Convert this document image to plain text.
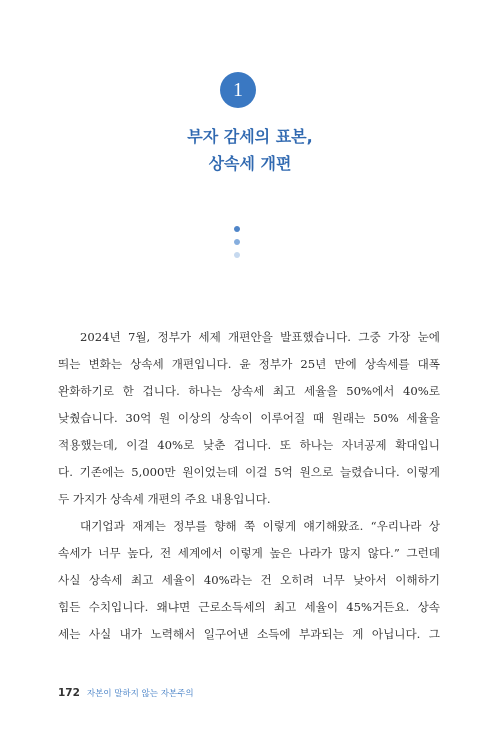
1
부자 감세의 표본,
상속세 개편
2024년 7월, 정부가 세제 개편안을 발표했습니다. 그중 가장 눈에
띄는 변화는 상속세 개편입니다. 윤 정부가 25년 만에 상속세를 대폭
완화하기로 한 겁니다. 하나는 상속세 최고 세율을 50%에서 40%로
낮췄습니다. 30억 원 이상의 상속이 이루어질 때 원래는 50% 세율을
적용했는데, 이걸 40%로 낮춘 겁니다. 또 하나는 자녀공제 확대입니
다. 기존에는 5,000만 원이었는데 이걸 5억 원으로 늘렸습니다. 이렇게
두 가지가 상속세 개편의 주요 내용입니다.
대기업과 재계는 정부를 향해 쭉 이렇게 얘기해왔죠. “우리나라 상
속세가 너무 높다, 전 세계에서 이렇게 높은 나라가 많지 않다.” 그런데
사실 상속세 최고 세율이 40%라는 건 오히려 너무 낮아서 이해하기
힘든 수치입니다. 왜냐면 근로소득세의 최고 세율이 45%거든요. 상속
세는 사실 내가 노력해서 일구어낸 소득에 부과되는 게 아닙니다. 그
172 자본이 말하지 않는 자본주의
